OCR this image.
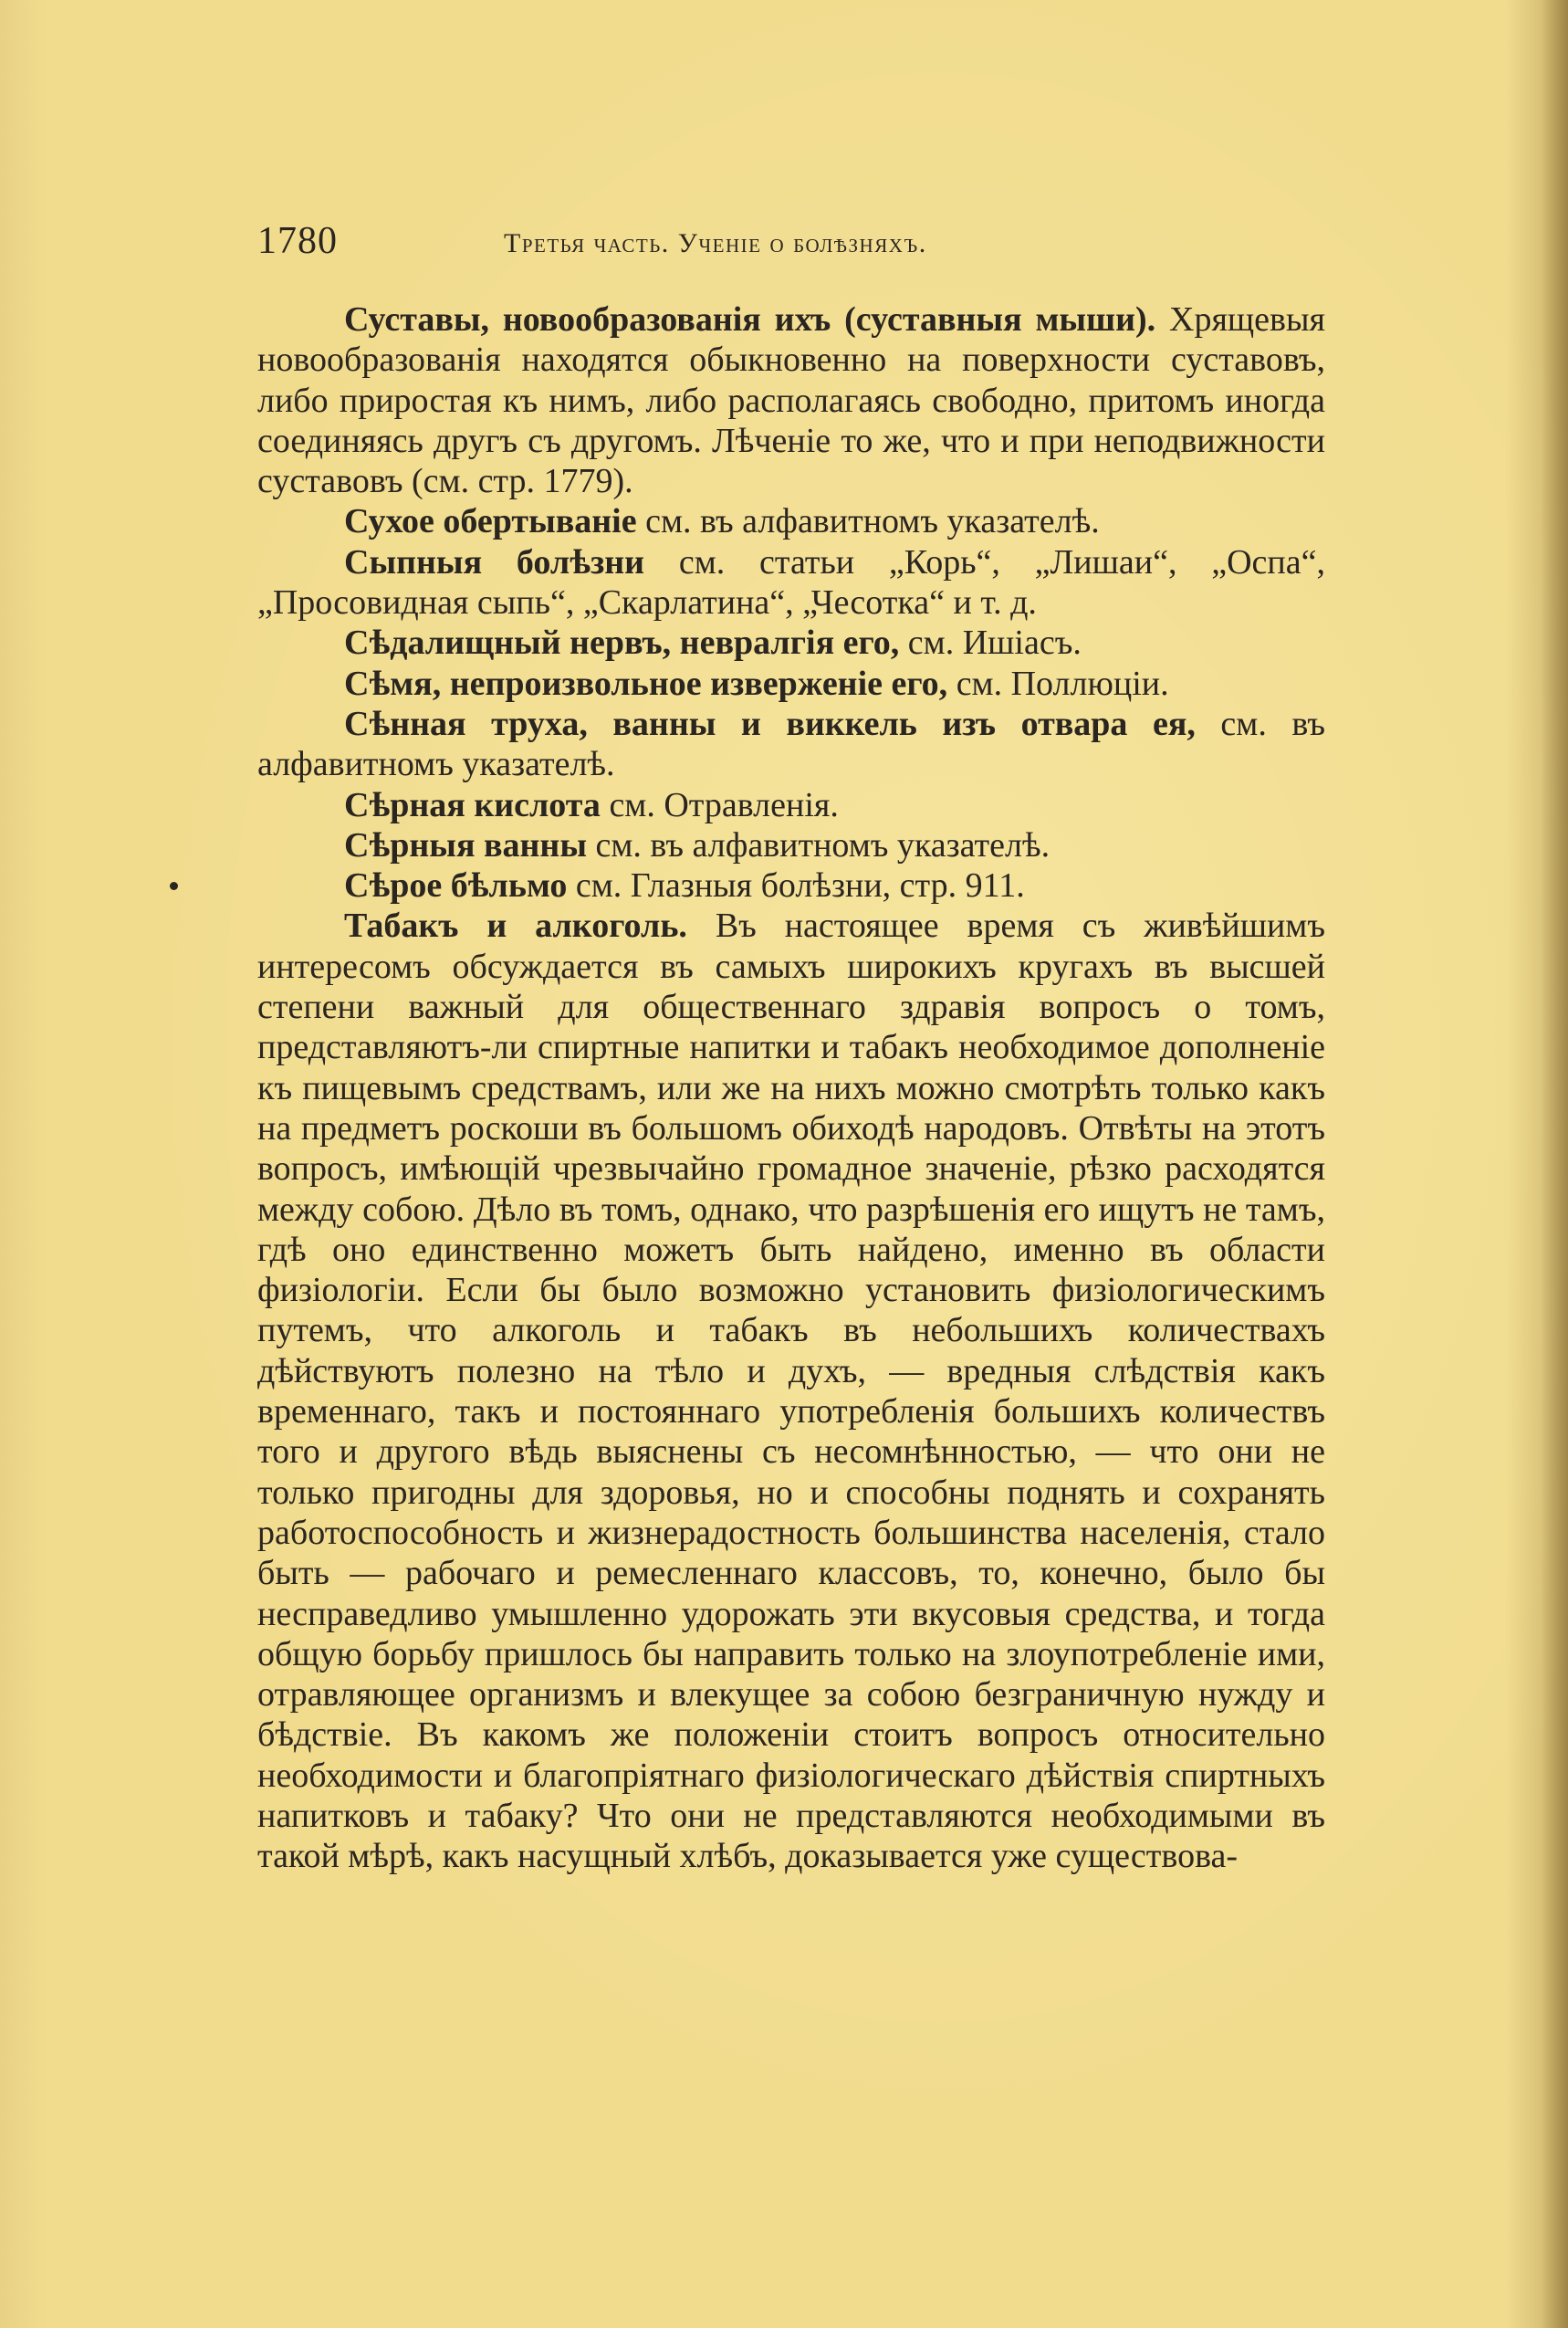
1780	Третья часть. Ученіе о болѣзняхъ.

Суставы, новообразованія ихъ (суставныя мыши). Хрящевыя новообразованія находятся обыкновенно на поверхности суставовъ, либо приростая къ нимъ, либо располагаясь свободно, притомъ иногда соединяясь другъ съ другомъ. Лѣченіе то же, что и при неподвижности суставовъ (см. стр. 1779).

Сухое обертываніе см. въ алфавитномъ указателѣ.

Сыпныя болѣзни см. статьи „Корь“, „Лишаи“, „Оспа“, „Просовидная сыпь“, „Скарлатина“, „Чесотка“ и т. д.

Сѣдалищный нервъ, невралгія его, см. Ишіасъ.

Сѣмя, непроизвольное изверженіе его, см. Поллюціи.

Сѣнная труха, ванны и виккель изъ отвара ея, см. въ алфавитномъ указателѣ.

Сѣрная кислота см. Отравленія.

Сѣрныя ванны см. въ алфавитномъ указателѣ.

Сѣрое бѣльмо см. Глазныя болѣзни, стр. 911.

Табакъ и алкоголь. Въ настоящее время съ живѣйшимъ интересомъ обсуждается въ самыхъ широкихъ кругахъ въ высшей степени важный для общественнаго здравія вопросъ о томъ, представляютъ-ли спиртные напитки и табакъ необходимое дополненіе къ пищевымъ средствамъ, или же на нихъ можно смотрѣть только какъ на предметъ роскоши въ большомъ обиходѣ народовъ. Отвѣты на этотъ вопросъ, имѣющій чрезвычайно громадное значеніе, рѣзко расходятся между собою. Дѣло въ томъ, однако, что разрѣшенія его ищутъ не тамъ, гдѣ оно единственно можетъ быть найдено, именно въ области физіологіи. Если бы было возможно установить физіологическимъ путемъ, что алкоголь и табакъ въ небольшихъ количествахъ дѣйствуютъ полезно на тѣло и духъ, — вредныя слѣдствія какъ временнаго, такъ и постояннаго употребленія большихъ количествъ того и другого вѣдь выяснены съ несомнѣнностью, — что они не только пригодны для здоровья, но и способны поднять и сохранять работоспособность и жизнерадостность большинства населенія, стало быть — рабочаго и ремесленнаго классовъ, то, конечно, было бы несправедливо умышленно удорожать эти вкусовыя средства, и тогда общую борьбу пришлось бы направить только на злоупотребленіе ими, отравляющее организмъ и влекущее за собою безграничную нужду и бѣдствіе. Въ какомъ же положеніи стоитъ вопросъ относительно необходимости и благопріятнаго физіологическаго дѣйствія спиртныхъ напитковъ и табаку? Что они не представляются необходимыми въ такой мѣрѣ, какъ насущный хлѣбъ, доказывается уже существова-
